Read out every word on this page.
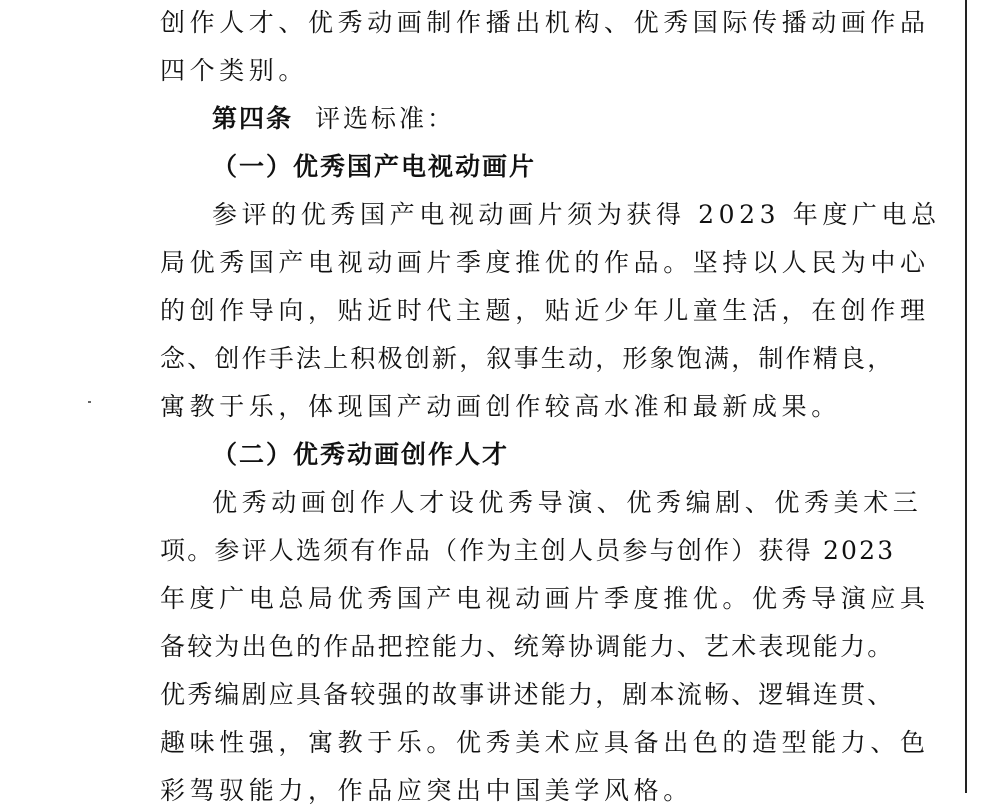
创作人才、优秀动画制作播出机构、优秀国际传播动画作品
四个类别。
第四条 评选标准：
（一）优秀国产电视动画片
参评的优秀国产电视动画片须为获得 2023 年度广电总
局优秀国产电视动画片季度推优的作品。坚持以人民为中心
的创作导向，贴近时代主题，贴近少年儿童生活，在创作理
念、创作手法上积极创新，叙事生动，形象饱满，制作精良，
寓教于乐，体现国产动画创作较高水准和最新成果。
（二）优秀动画创作人才
优秀动画创作人才设优秀导演、优秀编剧、优秀美术三
项。参评人选须有作品（作为主创人员参与创作）获得 2023
年度广电总局优秀国产电视动画片季度推优。优秀导演应具
备较为出色的作品把控能力、统筹协调能力、艺术表现能力。
优秀编剧应具备较强的故事讲述能力，剧本流畅、逻辑连贯、
趣味性强，寓教于乐。优秀美术应具备出色的造型能力、色
彩驾驭能力，作品应突出中国美学风格。
